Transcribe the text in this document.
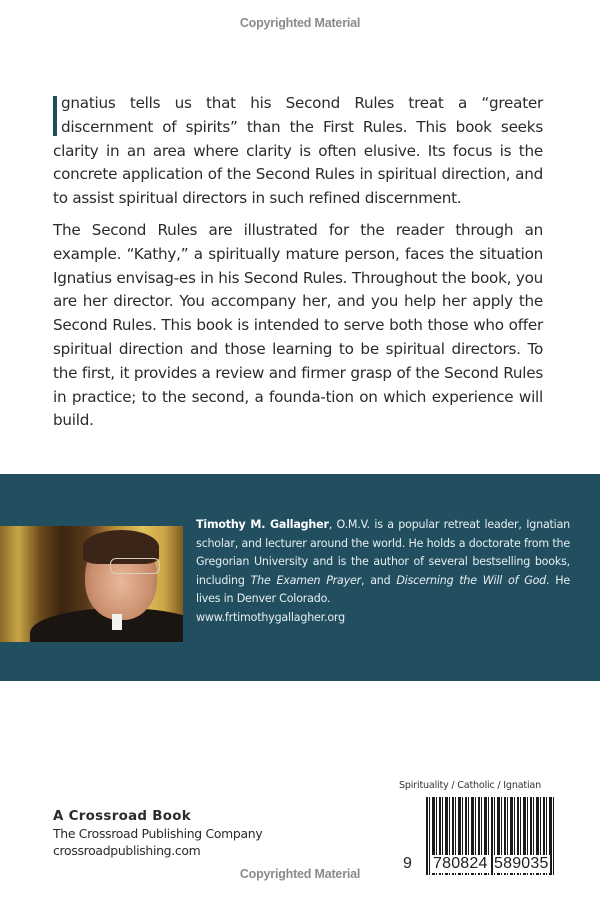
Copyrighted Material

gnatius tells us that his Second Rules treat a “greater discernment of spirits” than the First Rules. This book seeks clarity in an area where clarity is often elusive. Its focus is the concrete application of the Second Rules in spiritual direction, and to assist spiritual directors in such refined discernment.

The Second Rules are illustrated for the reader through an example. “Kathy,” a spiritually mature person, faces the situation Ignatius envisag-es in his Second Rules. Throughout the book, you are her director. You accompany her, and you help her apply the Second Rules. This book is intended to serve both those who offer spiritual direction and those learning to be spiritual directors. To the first, it provides a review and firmer grasp of the Second Rules in practice; to the second, a founda-tion on which experience will build.

Timothy M. Gallagher, O.M.V. is a popular retreat leader, Ignatian scholar, and lecturer around the world. He holds a doctorate from the Gregorian University and is the author of several bestselling books, including The Examen Prayer, and Discerning the Will of God. He lives in Denver Colorado.
www.frtimothygallagher.org
A Crossroad Book
The Crossroad Publishing Company
crossroadpublishing.com
Spirituality / Catholic / Ignatian
9 780824 589035
Copyrighted Material
